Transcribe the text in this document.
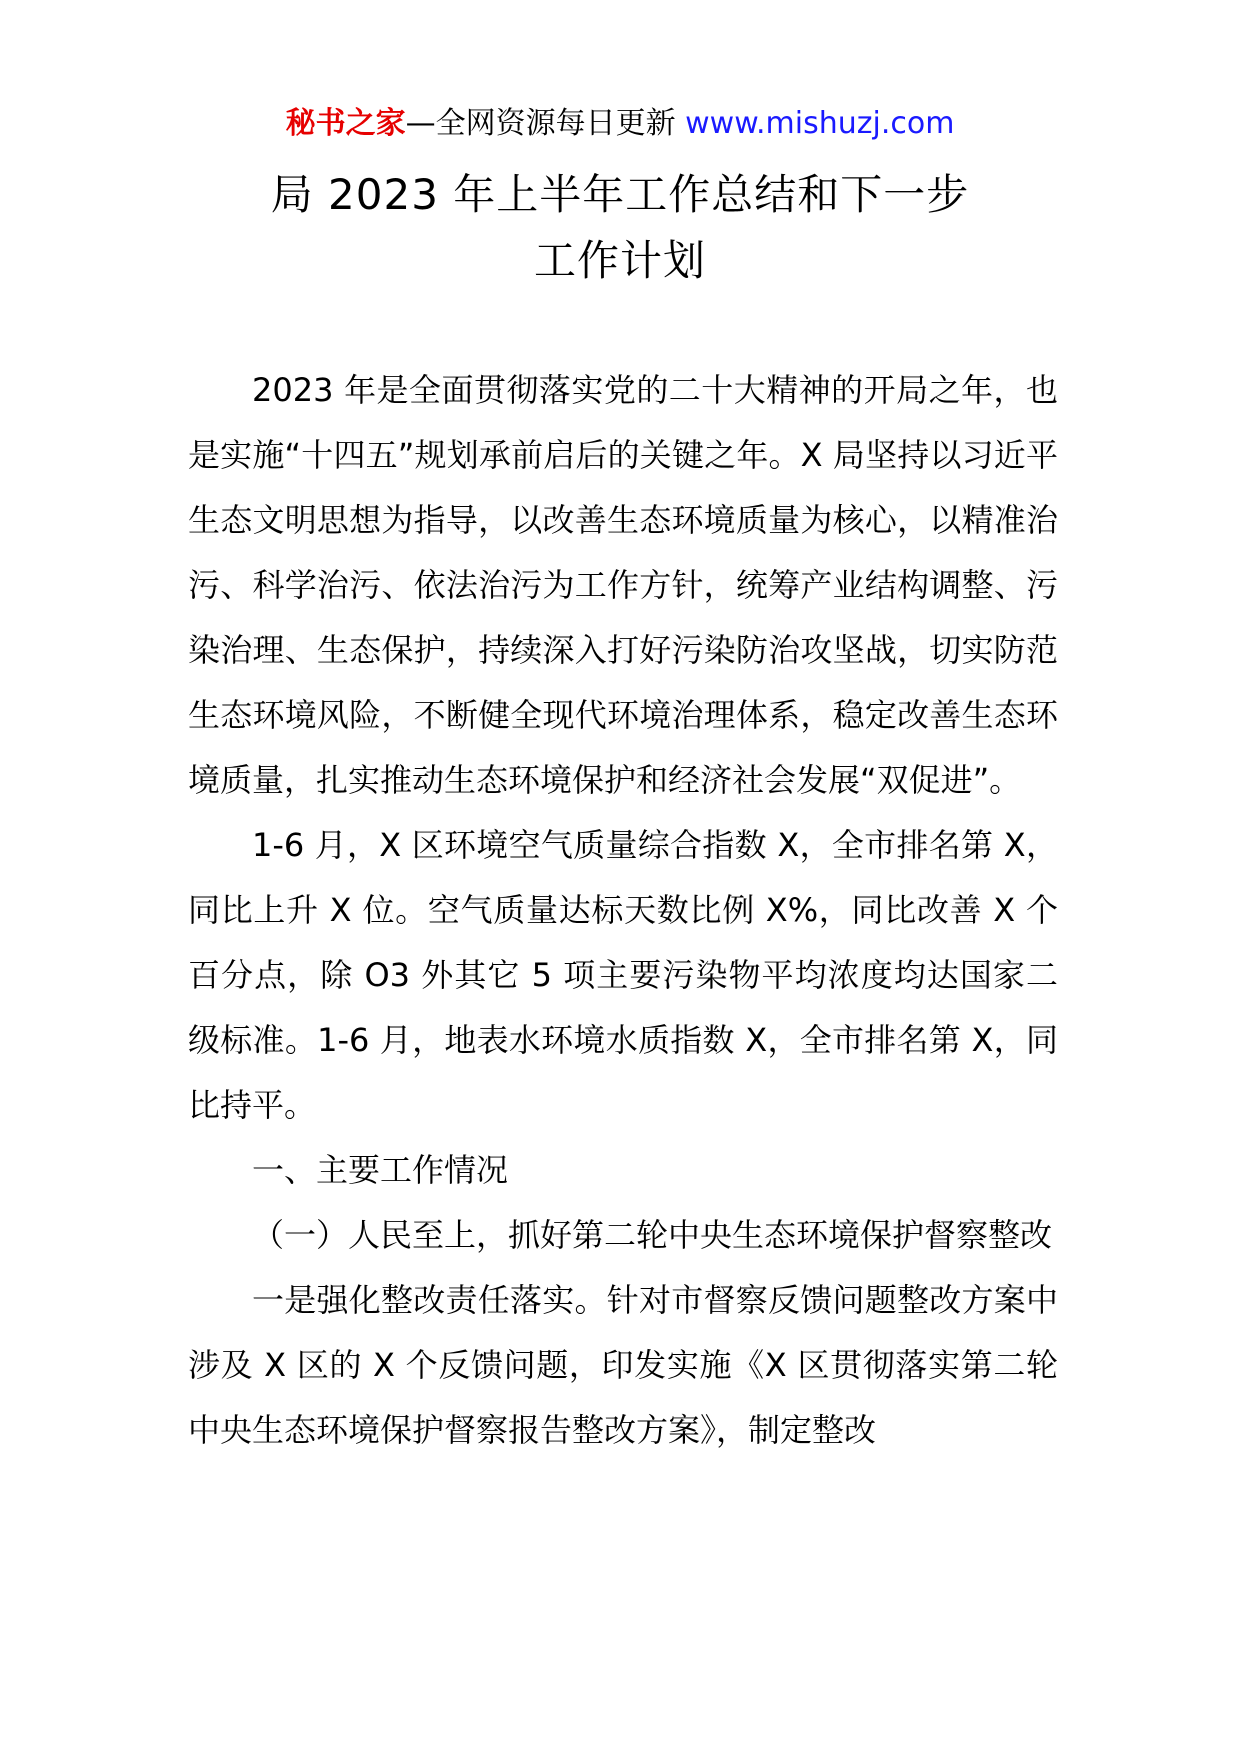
秘书之家—全网资源每日更新 www.mishuzj.com
局 2023 年上半年工作总结和下一步
工作计划

2023 年是全面贯彻落实党的二十大精神的开局之年，也是实施“十四五”规划承前启后的关键之年。X 局坚持以习近平生态文明思想为指导，以改善生态环境质量为核心，以精准治污、科学治污、依法治污为工作方针，统筹产业结构调整、污染治理、生态保护，持续深入打好污染防治攻坚战，切实防范生态环境风险，不断健全现代环境治理体系，稳定改善生态环境质量，扎实推动生态环境保护和经济社会发展“双促进”。

1-6 月，X 区环境空气质量综合指数 X，全市排名第 X，同比上升 X 位。空气质量达标天数比例 X%，同比改善 X 个百分点，除 O3 外其它 5 项主要污染物平均浓度均达国家二级标准。1-6 月，地表水环境水质指数 X，全市排名第 X，同比持平。

一、主要工作情况

（一）人民至上，抓好第二轮中央生态环境保护督察整改

一是强化整改责任落实。针对市督察反馈问题整改方案中涉及 X 区的 X 个反馈问题，印发实施《X 区贯彻落实第二轮中央生态环境保护督察报告整改方案》，制定整改
